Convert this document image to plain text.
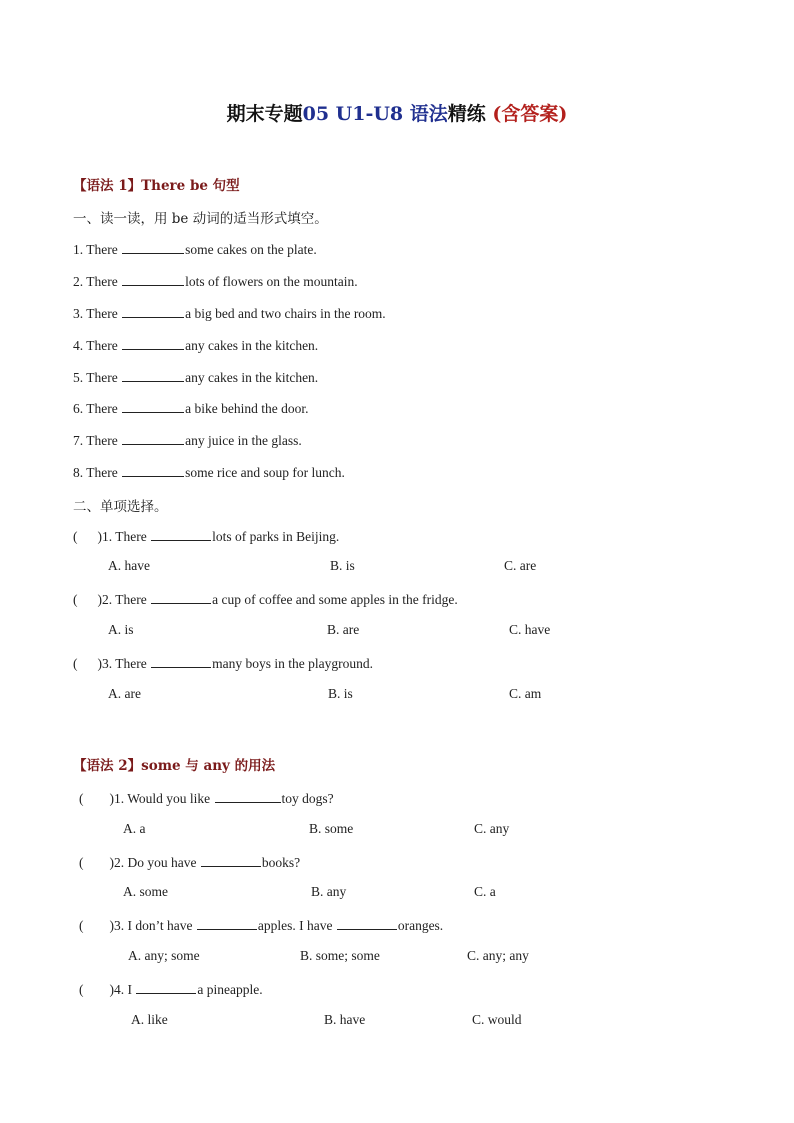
期末专题05 U1-U8 语法精练 (含答案)
【语法 1】There be 句型
一、读一读，用 be 动词的适当形式填空。
1. There	some cakes on the plate.
2. There	lots of flowers on the mountain.
3. There	a big bed and two chairs in the room.
4. There	any cakes in the kitchen.
5. There	any cakes in the kitchen.
6. There	a bike behind the door.
7. There	any juice in the glass.
8. There	some rice and soup for lunch.
二、单项选择。
( )1. There	lots of parks in Beijing.
A. have	B. is	C. are
( )2. There	a cup of coffee and some apples in the fridge.
A. is	B. are	C. have
( )3. There	many boys in the playground.
A. are	B. is	C. am
【语法 2】some 与 any 的用法
( )1. Would you like	toy dogs?
A. a	B. some	C. any
( )2. Do you have	books?
A. some	B. any	C. a
( )3. I don’t have	apples. I have	oranges.
A. any; some	B. some; some	C. any; any
( )4. I	a pineapple.
A. like	B. have	C. would
